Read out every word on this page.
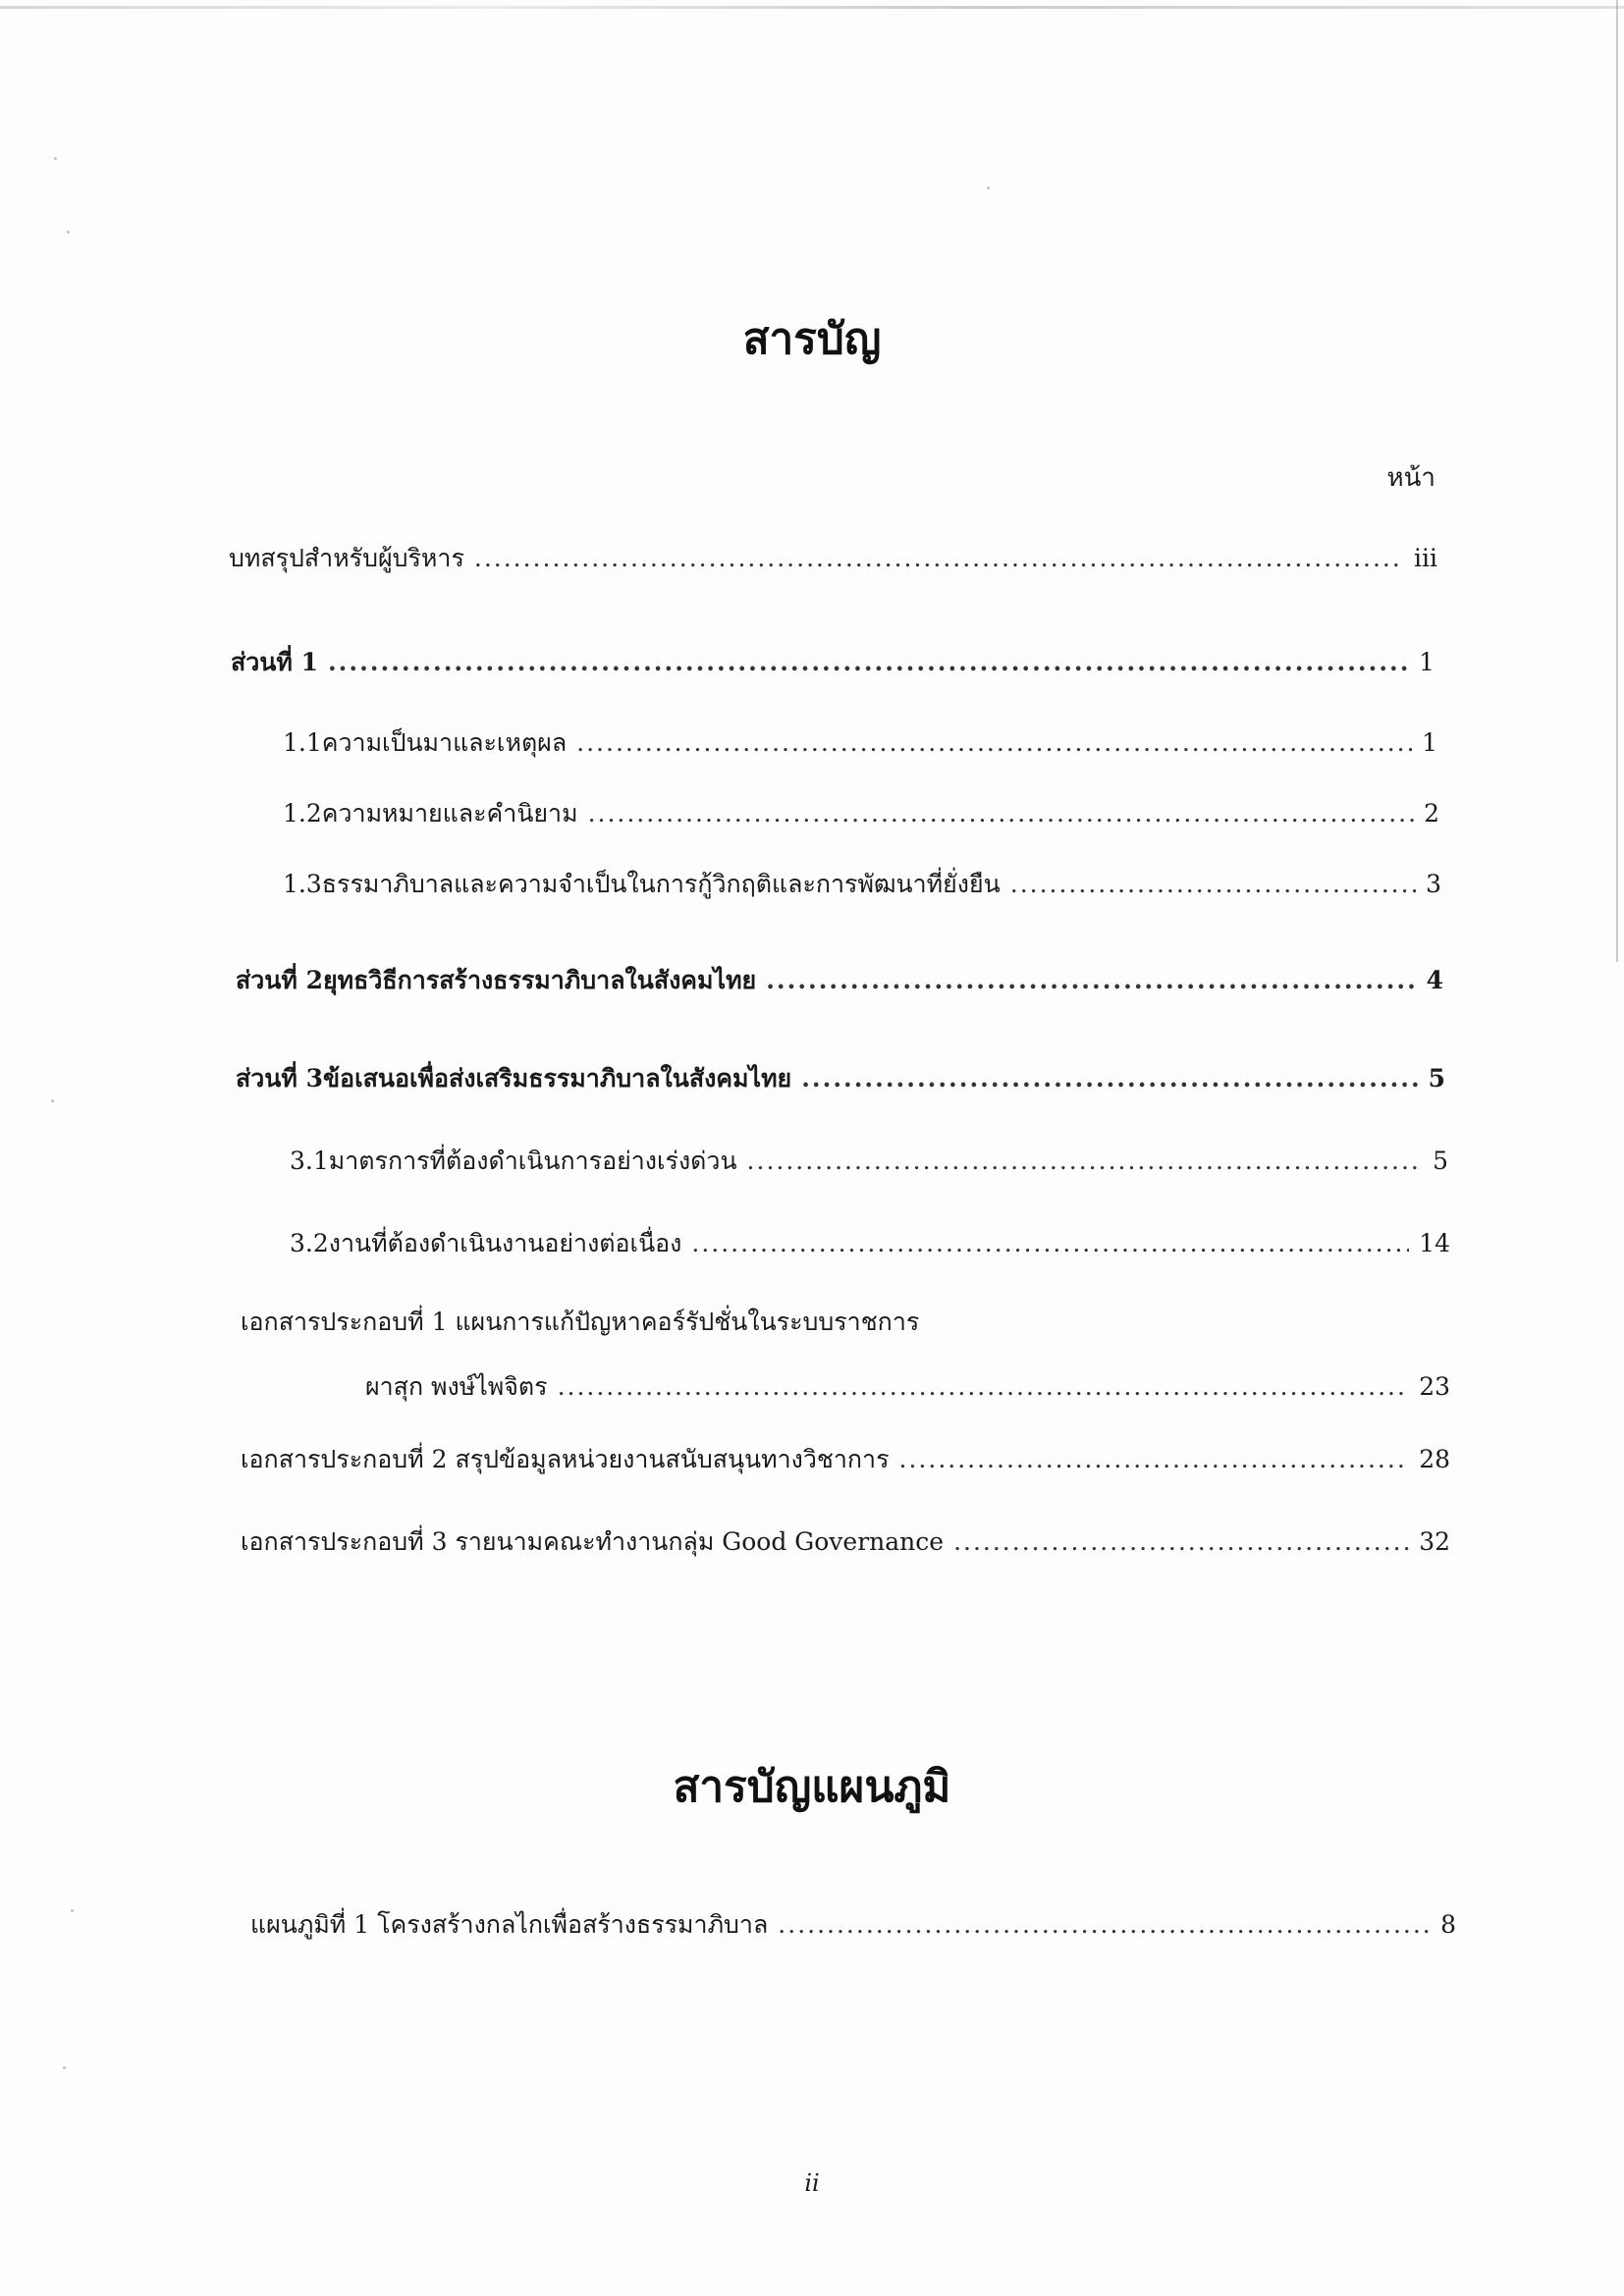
สารบัญ
หน้า
บทสรุปสำหรับผู้บริหาร .....	iii
ส่วนที่ 1 .....	1
1.1 ความเป็นมาและเหตุผล .....	1
1.2 ความหมายและคำนิยาม .....	2
1.3 ธรรมาภิบาลและความจำเป็นในการกู้วิกฤติและการพัฒนาที่ยั่งยืน .....	3
ส่วนที่ 2 ยุทธวิธีการสร้างธรรมาภิบาลในสังคมไทย .....	4
ส่วนที่ 3 ข้อเสนอเพื่อส่งเสริมธรรมาภิบาลในสังคมไทย .....	5
3.1 มาตรการที่ต้องดำเนินการอย่างเร่งด่วน .....	5
3.2 งานที่ต้องดำเนินงานอย่างต่อเนื่อง .....	14
เอกสารประกอบที่ 1 แผนการแก้ปัญหาคอร์รัปชั่นในระบบราชการ
ผาสุก พงษ์ไพจิตร .....	23
เอกสารประกอบที่ 2 สรุปข้อมูลหน่วยงานสนับสนุนทางวิชาการ .....	28
เอกสารประกอบที่ 3 รายนามคณะทำงานกลุ่ม Good Governance .....	32
สารบัญแผนภูมิ
แผนภูมิที่ 1 โครงสร้างกลไกเพื่อสร้างธรรมาภิบาล .....	8
ii
